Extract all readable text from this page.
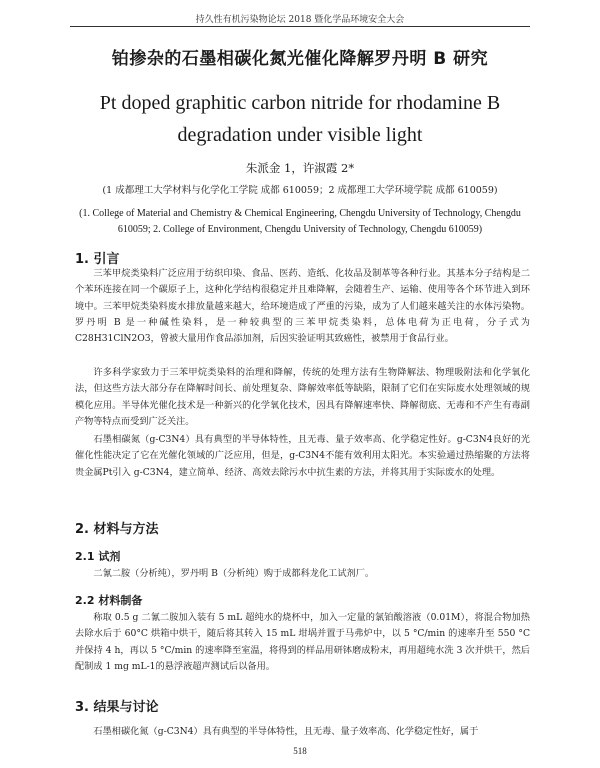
持久性有机污染物论坛 2018 暨化学品环境安全大会
铂掺杂的石墨相碳化氮光催化降解罗丹明 B 研究
Pt doped graphitic carbon nitride for rhodamine B
degradation under visible light
朱派金 1，许淑霞 2*
(1 成都理工大学材料与化学化工学院 成都 610059；2 成都理工大学环境学院 成都 610059)
(1. College of Material and Chemistry & Chemical Engineering, Chengdu University of Technology, Chengdu 610059; 2. College of Environment, Chengdu University of Technology, Chengdu 610059)
1. 引言
三苯甲烷类染料广泛应用于纺织印染、食品、医药、造纸、化妆品及制革等各种行业。其基本分子结构是二个苯环连接在同一个碳原子上，这种化学结构很稳定并且难降解，会随着生产、运输、使用等各个环节进入到环境中。三苯甲烷类染料废水排放量越来越大，给环境造成了严重的污染，成为了人们越来越关注的水体污染物。罗丹明 B 是一种碱性染料，是一种较典型的三苯甲烷类染料，总体电荷为正电荷，分子式为 C28H31ClN2O3，曾被大量用作食品添加剂，后因实验证明其致癌性，被禁用于食品行业。
许多科学家致力于三苯甲烷类染料的治理和降解，传统的处理方法有生物降解法、物理吸附法和化学氧化法，但这些方法大部分存在降解时间长、前处理复杂、降解效率低等缺陷，限制了它们在实际废水处理领域的规模化应用。半导体光催化技术是一种新兴的化学氧化技术，因具有降解速率快、降解彻底、无毒和不产生有毒副产物等特点而受到广泛关注。
石墨相碳氮（g-C3N4）具有典型的半导体特性，且无毒、量子效率高、化学稳定性好。g-C3N4良好的光催化性能决定了它在光催化领域的广泛应用，但是，g-C3N4不能有效利用太阳光。本实验通过热缩聚的方法将贵金属Pt引入 g-C3N4，建立简单、经济、高效去除污水中抗生素的方法，并将其用于实际废水的处理。
2. 材料与方法
2.1 试剂
二氰二胺（分析纯），罗丹明 B（分析纯）购于成都科龙化工试剂厂。
2.2 材料制备
称取 0.5 g 二氰二胺加入装有 5 mL 超纯水的烧杯中，加入一定量的氯铂酸溶液（0.01M），将混合物加热去除水后于 60°C 烘箱中烘干，随后将其转入 15 mL 坩埚并置于马弗炉中，以 5 °C/min 的速率升至 550 °C 并保持 4 h，再以 5 °C/min 的速率降至室温，将得到的样品用研钵磨成粉末，再用超纯水洗 3 次并烘干，然后配制成 1 mg mL-1的悬浮液超声测试后以备用。
3. 结果与讨论
石墨相碳化氮（g-C3N4）具有典型的半导体特性，且无毒、量子效率高、化学稳定性好，属于
518
